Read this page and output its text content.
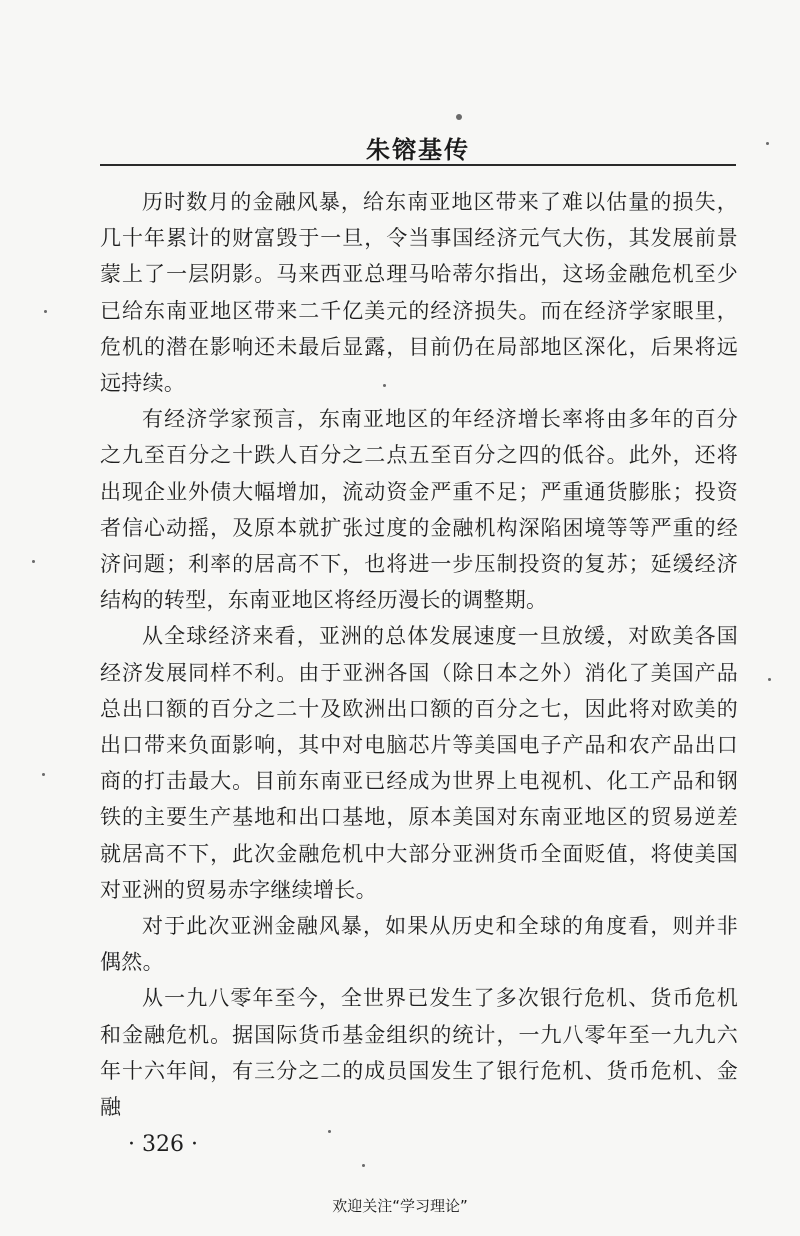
朱镕基传

历时数月的金融风暴，给东南亚地区带来了难以估量的损失，几十年累计的财富毁于一旦，令当事国经济元气大伤，其发展前景蒙上了一层阴影。马来西亚总理马哈蒂尔指出，这场金融危机至少已给东南亚地区带来二千亿美元的经济损失。而在经济学家眼里，危机的潜在影响还未最后显露，目前仍在局部地区深化，后果将远远持续。

有经济学家预言，东南亚地区的年经济增长率将由多年的百分之九至百分之十跌人百分之二点五至百分之四的低谷。此外，还将出现企业外债大幅增加，流动资金严重不足；严重通货膨胀；投资者信心动摇，及原本就扩张过度的金融机构深陷困境等等严重的经济问题；利率的居高不下，也将进一步压制投资的复苏；延缓经济结构的转型，东南亚地区将经历漫长的调整期。

从全球经济来看，亚洲的总体发展速度一旦放缓，对欧美各国经济发展同样不利。由于亚洲各国（除日本之外）消化了美国产品总出口额的百分之二十及欧洲出口额的百分之七，因此将对欧美的出口带来负面影响，其中对电脑芯片等美国电子产品和农产品出口商的打击最大。目前东南亚已经成为世界上电视机、化工产品和钢铁的主要生产基地和出口基地，原本美国对东南亚地区的贸易逆差就居高不下，此次金融危机中大部分亚洲货币全面贬值，将使美国对亚洲的贸易赤字继续增长。

对于此次亚洲金融风暴，如果从历史和全球的角度看，则并非偶然。

从一九八零年至今，全世界已发生了多次银行危机、货币危机和金融危机。据国际货币基金组织的统计，一九八零年至一九九六年十六年间，有三分之二的成员国发生了银行危机、货币危机、金融

· 326 ·
欢迎关注“学习理论”
